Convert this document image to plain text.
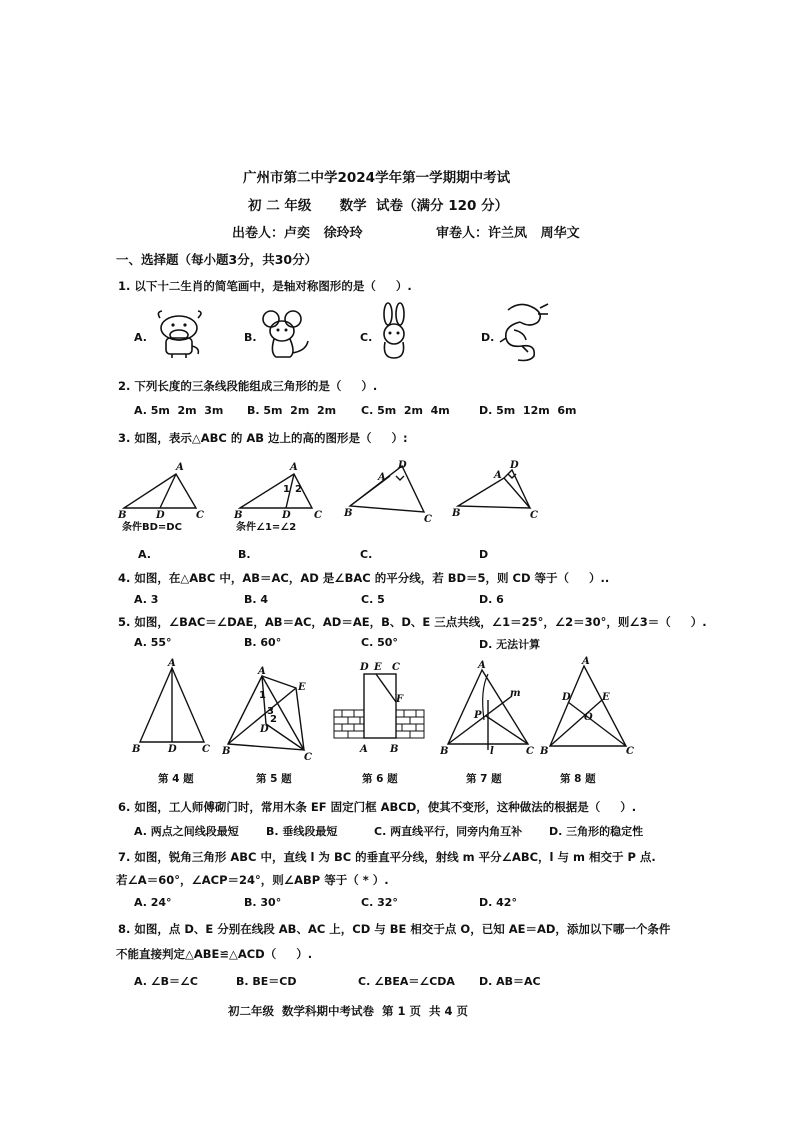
广州市第二中学2024学年第一学期期中考试
初 二 年级      数学  试卷（满分 120 分）
出卷人：卢奕   徐玲玲	审卷人：许兰凤   周华文
一、选择题（每小题3分，共30分）
1. 以下十二生肖的简笔画中，是轴对称图形的是（     ）.
A.	B.	C.	D.
2. 下列长度的三条线段能组成三角形的是（     ）.
A. 5m  2m  3m B. 5m  2m  2m C. 5m  2m  4m	D. 5m  12m  6m
3. 如图，表示△ABC 的 AB 边上的高的图形是（     ）:
A
B	D	C
条件BD=DC
A
B	D C
1 2
条件∠1=∠2
D
A
B
C
D
A
B	C
A.	B.	C.	D
4. 如图，在△ABC 中，AB＝AC，AD 是∠BAC 的平分线，若 BD＝5，则 CD 等于（     ）..
A. 3	B. 4	C. 5	D. 6
5. 如图，∠BAC＝∠DAE，AB＝AC，AD＝AE，B、D、E 三点共线，∠1＝25°，∠2＝30°，则∠3＝（     ）.
A. 55°	B. 60°	C. 50°	D. 无法计算
A
B	D	C
A
E
B
C
D
1
3
2
D E C
F
A B
A
B	C
P
m
l
A
D	E
O
B	C
第 4 题	第 5 题	第 6 题	第 7 题	第 8 题
6. 如图，工人师傅砌门时，常用木条 EF 固定门框 ABCD，使其不变形，这种做法的根据是（     ）.
A. 两点之间线段最短 B. 垂线段最短	C. 两直线平行，同旁内角互补 D. 三角形的稳定性
7. 如图，锐角三角形 ABC 中，直线 l 为 BC 的垂直平分线，射线 m 平分∠ABC，l 与 m 相交于 P 点.
若∠A＝60°，∠ACP＝24°，则∠ABP 等于（ * ）.
A. 24°	B. 30°	C. 32°	D. 42°
8. 如图，点 D、E 分别在线段 AB、AC 上，CD 与 BE 相交于点 O，已知 AE＝AD，添加以下哪一个条件
不能直接判定△ABE≌△ACD（     ）.
A. ∠B＝∠C	B. BE＝CD	C. ∠BEA＝∠CDA D. AB＝AC
初二年级  数学科期中考试卷  第 1 页  共 4 页
